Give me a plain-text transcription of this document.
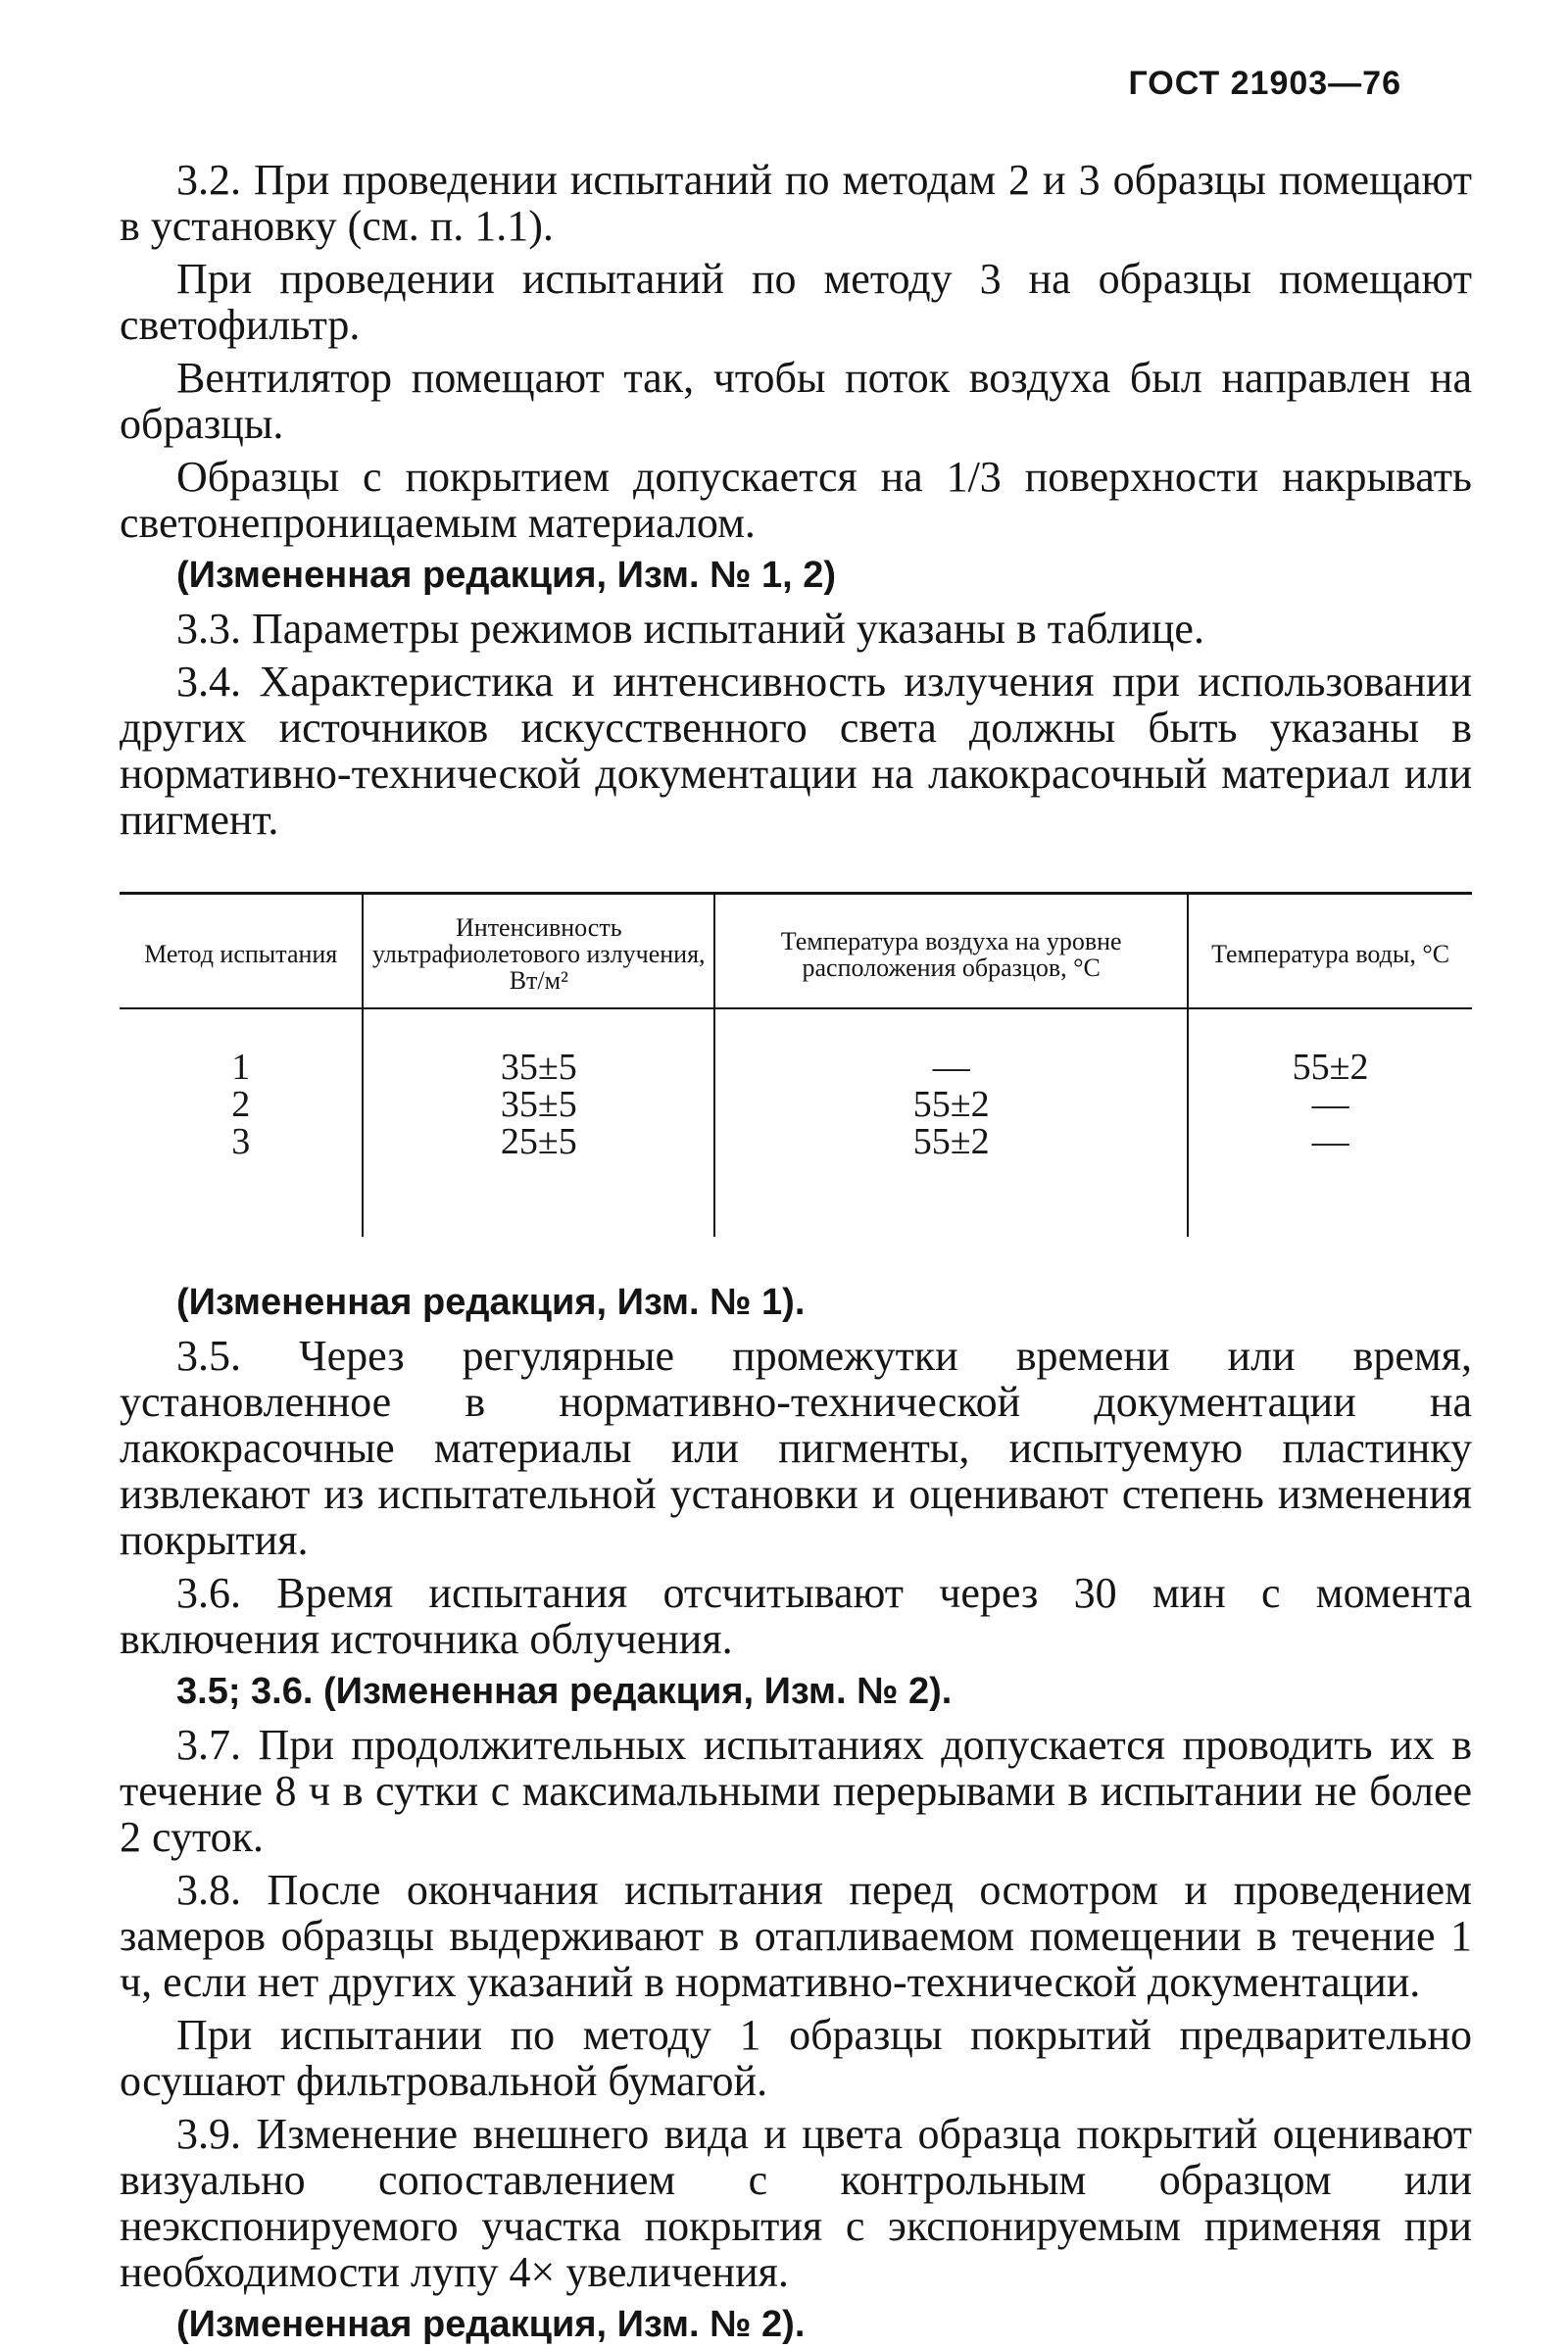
ГОСТ 21903—76

3.2. При проведении испытаний по методам 2 и 3 образцы помещают в установку (см. п. 1.1).

При проведении испытаний по методу 3 на образцы помещают светофильтр.

Вентилятор помещают так, чтобы поток воздуха был направлен на образцы.

Образцы с покрытием допускается на 1/3 поверхности накрывать светонепроницаемым материалом.

(Измененная редакция, Изм. № 1, 2)

3.3. Параметры режимов испытаний указаны в таблице.

3.4. Характеристика и интенсивность излучения при использовании других источников искусственного света должны быть указаны в нормативно-технической документации на лакокрасочный материал или пигмент.

Метод испытания	Интенсивность ультрафиолетового излучения, Вт/м²	Температура воздуха на уровне расположения образцов, °С	Температура воды, °С
1	35±5	—	55±2
2	35±5	55±2	—
3	25±5	55±2	—

(Измененная редакция, Изм. № 1).

3.5. Через регулярные промежутки времени или время, установленное в нормативно-технической документации на лакокрасочные материалы или пигменты, испытуемую пластинку извлекают из испытательной установки и оценивают степень изменения покрытия.

3.6. Время испытания отсчитывают через 30 мин с момента включения источника облучения.

3.5; 3.6. (Измененная редакция, Изм. № 2).

3.7. При продолжительных испытаниях допускается проводить их в течение 8 ч в сутки с максимальными перерывами в испытании не более 2 суток.

3.8. После окончания испытания перед осмотром и проведением замеров образцы выдерживают в отапливаемом помещении в течение 1 ч, если нет других указаний в нормативно-технической документации.

При испытании по методу 1 образцы покрытий предварительно осушают фильтровальной бумагой.

3.9. Изменение внешнего вида и цвета образца покрытий оценивают визуально сопоставлением с контрольным образцом или неэкспонируемого участка покрытия с экспонируемым применяя при необходимости лупу 4× увеличения.

(Измененная редакция, Изм. № 2).
